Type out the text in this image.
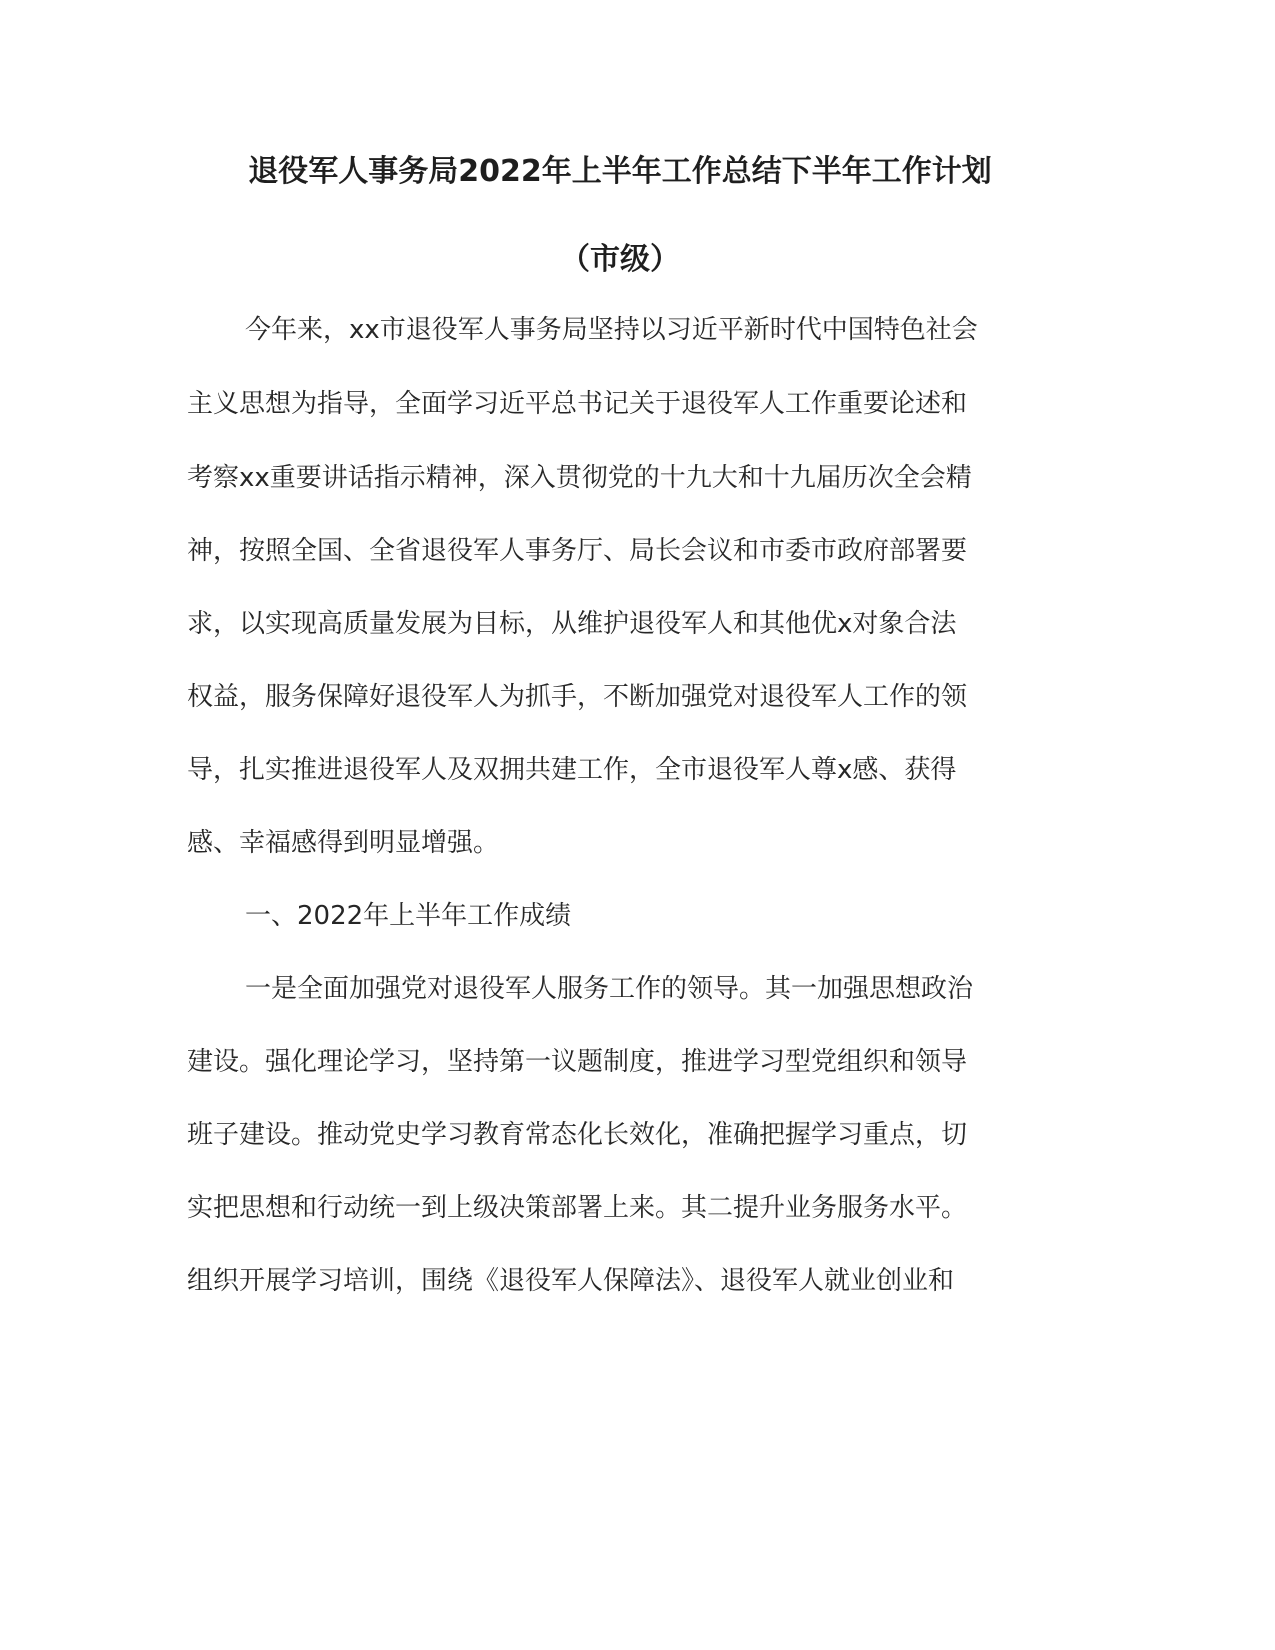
退役军人事务局2022年上半年工作总结下半年工作计划
（市级）
今年来，xx市退役军人事务局坚持以习近平新时代中国特色社会
主义思想为指导，全面学习近平总书记关于退役军人工作重要论述和
考察xx重要讲话指示精神，深入贯彻党的十九大和十九届历次全会精
神，按照全国、全省退役军人事务厅、局长会议和市委市政府部署要
求，以实现高质量发展为目标，从维护退役军人和其他优x对象合法
权益，服务保障好退役军人为抓手，不断加强党对退役军人工作的领
导，扎实推进退役军人及双拥共建工作，全市退役军人尊x感、获得
感、幸福感得到明显增强。
一、2022年上半年工作成绩
一是全面加强党对退役军人服务工作的领导。其一加强思想政治
建设。强化理论学习，坚持第一议题制度，推进学习型党组织和领导
班子建设。推动党史学习教育常态化长效化，准确把握学习重点，切
实把思想和行动统一到上级决策部署上来。其二提升业务服务水平。
组织开展学习培训，围绕《退役军人保障法》、退役军人就业创业和
